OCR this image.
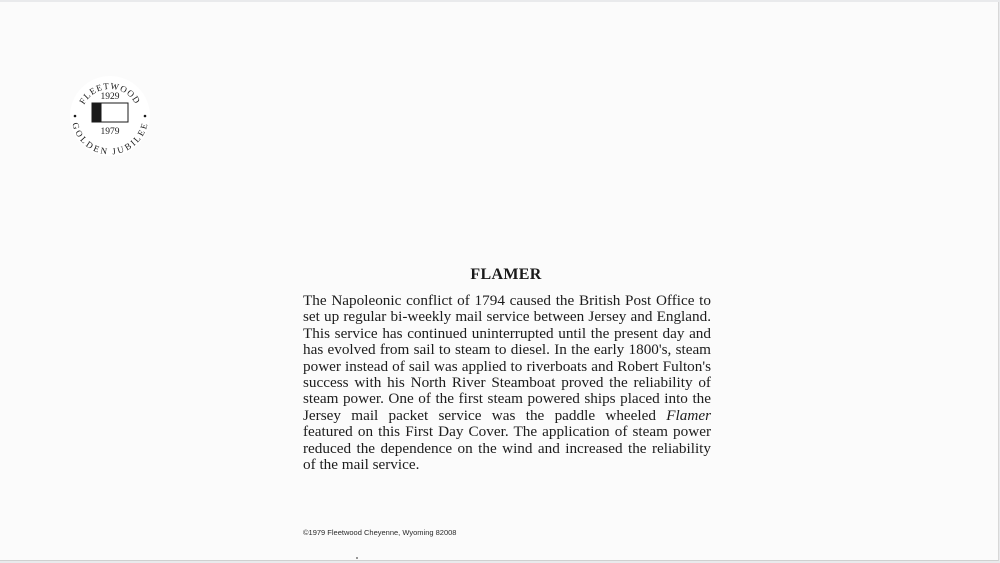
FLEETWOOD
GOLDEN JUBILEE
1929
1979
FLAMER

The Napoleonic conflict of 1794 caused the British Post Office to set up regular bi-weekly mail service between Jersey and England. This service has continued uninterrupted until the present day and has evolved from sail to steam to diesel. In the early 1800's, steam power instead of sail was applied to riverboats and Robert Fulton's success with his North River Steamboat proved the reliability of steam power. One of the first steam powered ships placed into the Jersey mail packet service was the paddle wheeled Flamer featured on this First Day Cover. The application of steam power reduced the dependence on the wind and increased the reliability of the mail service.

©1979 Fleetwood Cheyenne, Wyoming 82008
